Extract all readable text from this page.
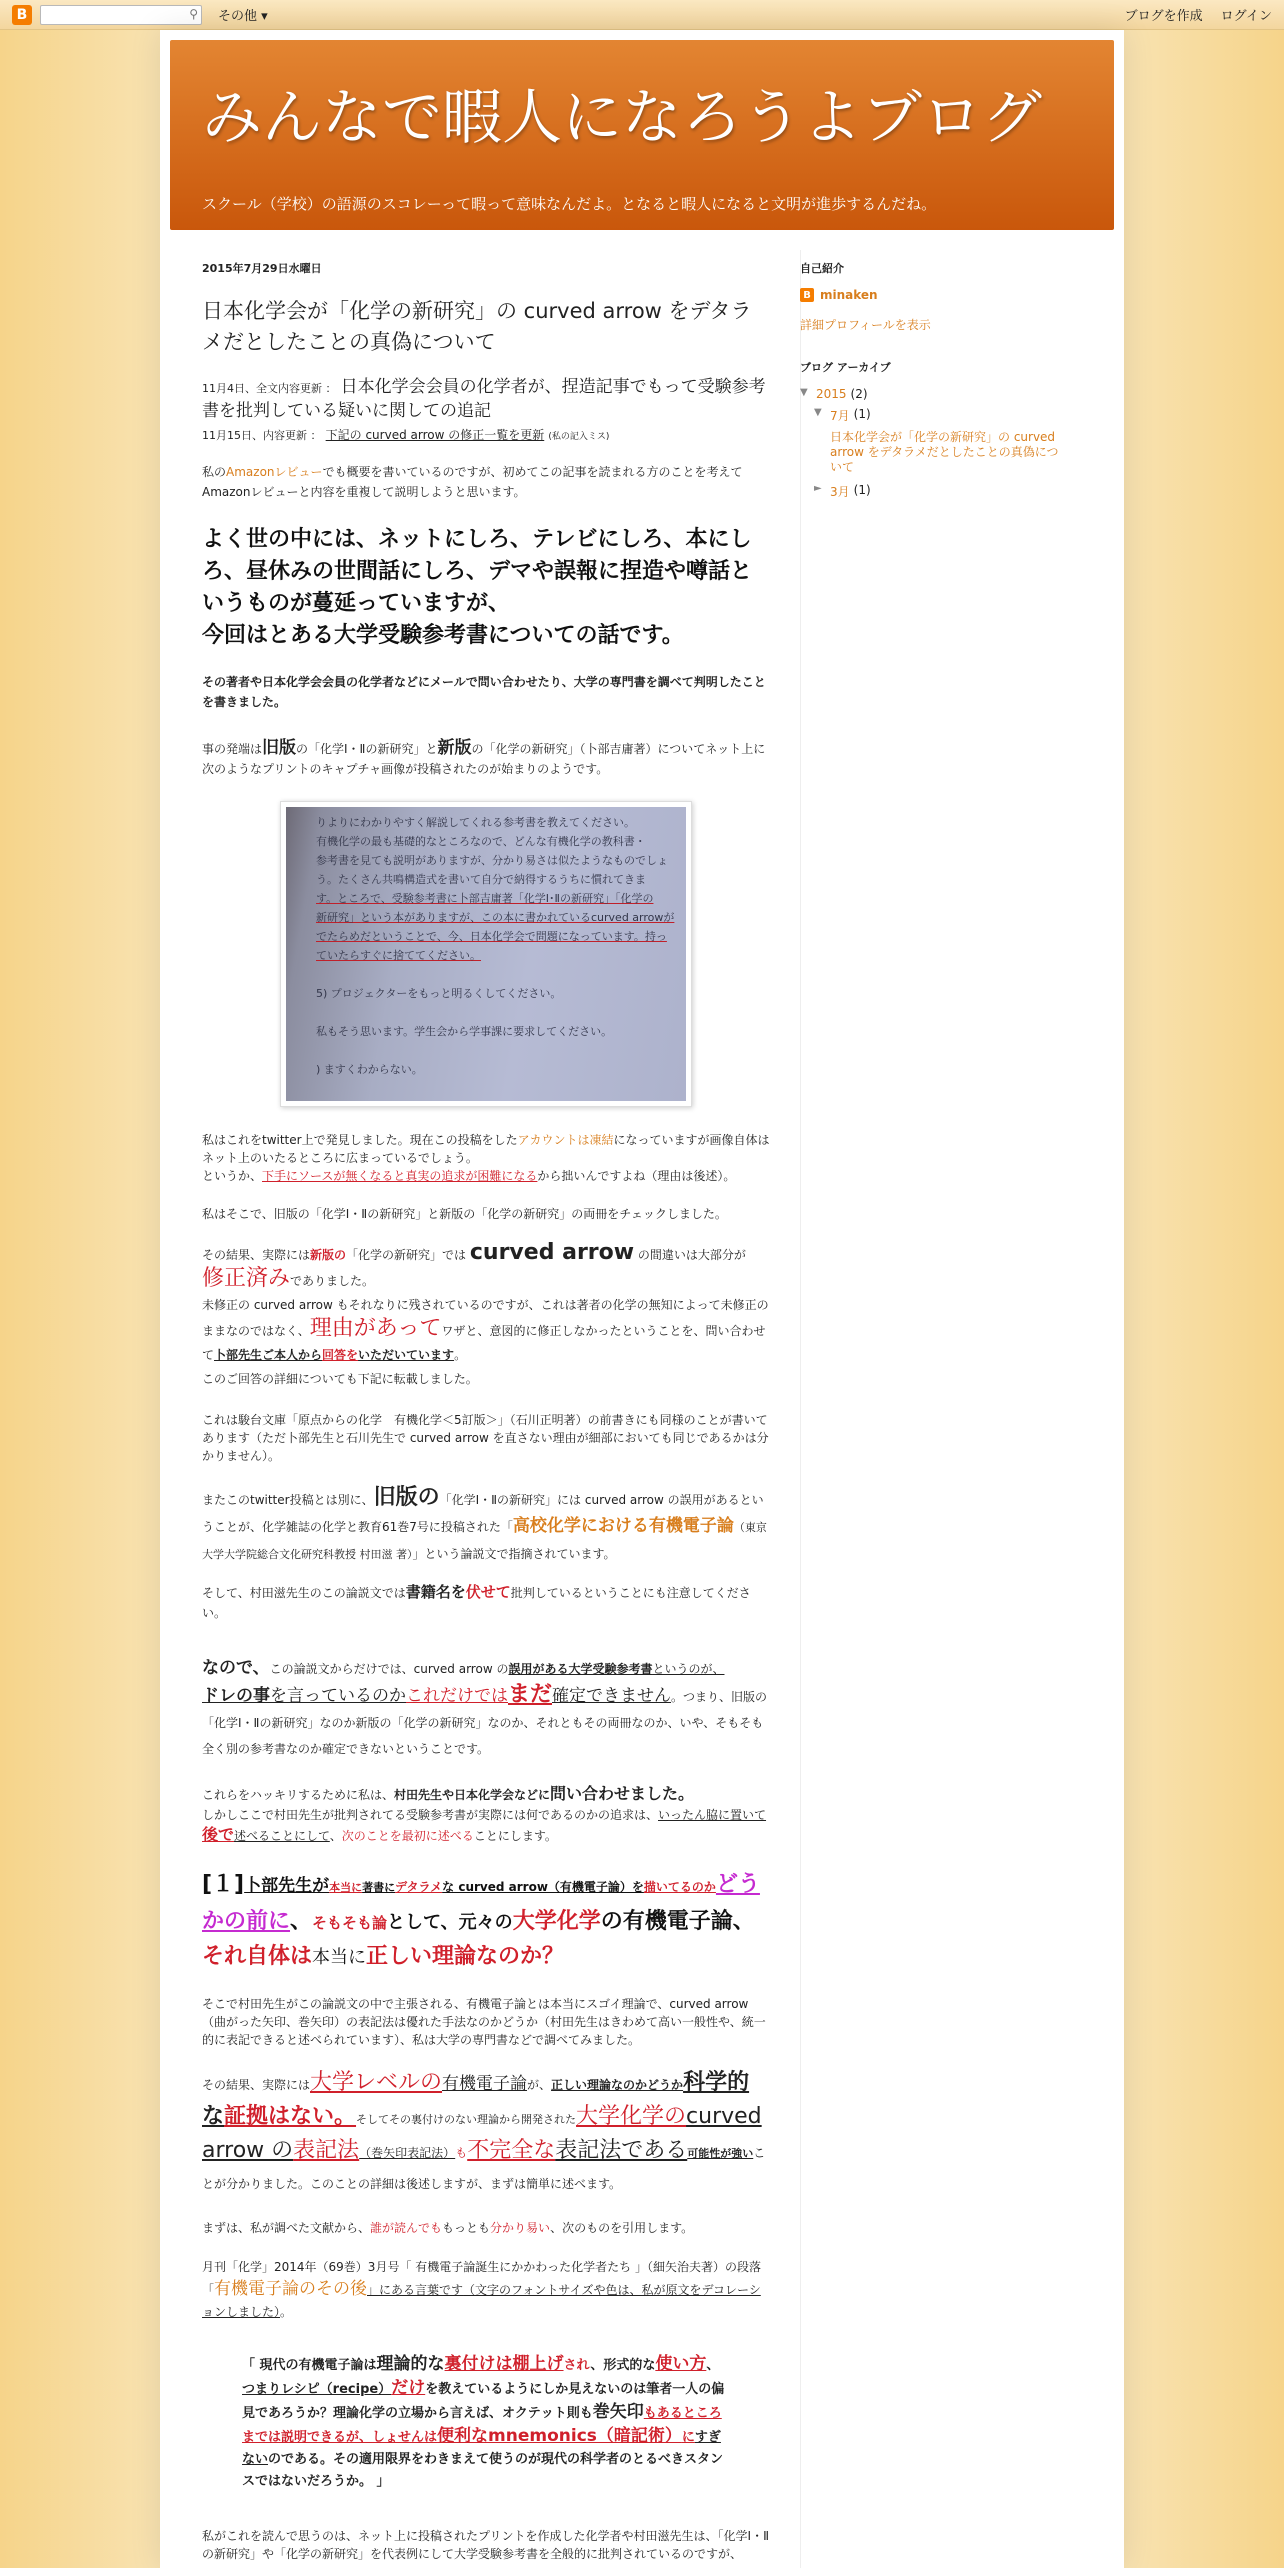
B	⚲ その他 ▾	ブログを作成 ログイン
みんなで暇人になろうよブログ
スクール（学校）の語源のスコレーって暇って意味なんだよ。となると暇人になると文明が進歩するんだね。
2015年7月29日水曜日
日本化学会が「化学の新研究」の curved arrow をデタラメだとしたことの真偽について
11月4日、全文内容更新 ： 日本化学会会員の化学者が、捏造記事でもって受験参考書を批判している疑いに関しての追記
11月15日、内容更新 ： 下記の curved arrow の修正一覧を更新 (私の記入ミス)
私のAmazonレビューでも概要を書いているのですが、初めてこの記事を読まれる方のことを考えてAmazonレビューと内容を重複して説明しようと思います。
よく世の中には、ネットにしろ、テレビにしろ、本にしろ、昼休みの世間話にしろ、デマや誤報に捏造や噂話というものが蔓延っていますが、
今回はとある大学受験参考書についての話です。
その著者や日本化学会会員の化学者などにメールで問い合わせたり、大学の専門書を調べて判明したことを書きました。
事の発端は旧版の「化学Ⅰ・Ⅱの新研究」と新版の「化学の新研究」（卜部吉庸著）についてネット上に次のようなプリントのキャプチャ画像が投稿されたのが始まりのようです。
りよりにわかりやすく解説してくれる参考書を教えてください。
有機化学の最も基礎的なところなので、どんな有機化学の教科書・
参考書を見ても説明がありますが、分かり易さは似たようなものでしょ
う。たくさん共鳴構造式を書いて自分で納得するうちに慣れてきま
す。ところで、受験参考書に卜部吉庸著「化学Ⅰ･Ⅱの新研究」「化学の
新研究」という本がありますが、この本に書かれているcurved arrowが
でたらめだということで、今、日本化学会で問題になっています。持っ
ていたらすぐに捨ててください。

5) プロジェクターをもっと明るくしてください。

私もそう思います。学生会から学事課に要求してください。

) ますくわからない。
私はこれをtwitter上で発見しました。現在この投稿をしたアカウントは凍結になっていますが画像自体はネット上のいたるところに広まっているでしょう。
というか、下手にソースが無くなると真実の追求が困難になるから拙いんですよね（理由は後述）。
私はそこで、旧版の「化学Ⅰ・Ⅱの新研究」と新版の「化学の新研究」の両冊をチェックしました。
その結果、実際には新版の「化学の新研究」では curved arrow の間違いは大部分が
修正済みでありました。
未修正の curved arrow もそれなりに残されているのですが、これは著者の化学の無知によって未修正のままなのではなく、理由があってワザと、意図的に修正しなかったということを、問い合わせて卜部先生ご本人から回答をいただいています。
このご回答の詳細についても下記に転載しました。
これは駿台文庫「原点からの化学　有機化学＜5訂版＞」（石川正明著）の前書きにも同様のことが書いてあります（ただ卜部先生と石川先生で curved arrow を直さない理由が細部においても同じであるかは分かりません）。
またこのtwitter投稿とは別に、旧版の「化学Ⅰ・Ⅱの新研究」には curved arrow の誤用があるということが、化学雑誌の化学と教育61巻7号に投稿された「高校化学における有機電子論（東京大学大学院総合文化研究科教授 村田滋 著）」という論説文で指摘されています。
そして、村田滋先生のこの論説文では書籍名を伏せて批判しているということにも注意してください。
なので、この論説文からだけでは、curved arrow の誤用がある大学受験参考書というのが、
ドレの事を言っているのかこれだけではまだ確定できません。つまり、旧版の「化学Ⅰ・Ⅱの新研究」なのか新版の「化学の新研究」なのか、それともその両冊なのか、いや、そもそも全く別の参考書なのか確定できないということです。
これらをハッキリするために私は、村田先生や日本化学会などに問い合わせました。
しかしここで村田先生が批判されてる受験参考書が実際には何であるのかの追求は、いったん脇に置いて後で述べることにして、次のことを最初に述べることにします。
[１]卜部先生が本当に著書にデタラメな curved arrow（有機電子論）を描いてるのかどうかの前に、そもそも論として、元々の大学化学の有機電子論、それ自体は本当に正しい理論なのか？
そこで村田先生がこの論説文の中で主張される、有機電子論とは本当にスゴイ理論で、curved arrow（曲がった矢印、巻矢印）の表記法は優れた手法なのかどうか（村田先生はきわめて高い一般性や、統一的に表記できると述べられています）、私は大学の専門書などで調べてみました。
その結果、実際には大学レベルの有機電子論が、正しい理論なのかどうか科学的な証拠はない。そしてその裏付けのない理論から開発された大学化学のcurved arrow の表記法（巻矢印表記法）も不完全な表記法である可能性が強いことが分かりました。このことの詳細は後述しますが、まずは簡単に述べます。
まずは、私が調べた文献から、誰が読んでももっとも分かり易い、次のものを引用します。
月刊「化学」2014年（69巻）3月号「 有機電子論誕生にかかわった化学者たち 」（細矢治夫著）の段落「有機電子論のその後」にある言葉です（文字のフォントサイズや色は、私が原文をデコレーションしました）。
「 現代の有機電子論は理論的な裏付けは棚上げされ、形式的な使い方、つまりレシピ（recipe）だけを教えているようにしか見えないのは筆者一人の偏見であろうか？理論化学の立場から言えば、オクテット則も巻矢印もあるところまでは説明できるが、しょせんは便利なmnemonics（暗記術）にすぎないのである。その適用限界をわきまえて使うのが現代の科学者のとるべきスタンスではないだろうか。 」
私がこれを読んで思うのは、ネット上に投稿されたプリントを作成した化学者や村田滋先生は、「化学Ⅰ・Ⅱの新研究」や「化学の新研究」を代表例にして大学受験参考書を全般的に批判されているのですが、
自己紹介
B minaken
詳細プロフィールを表示
ブログ アーカイブ
▼ 2015 (2)
▼ 7月 (1)
日本化学会が「化学の新研究」の curved arrow をデタラメだとしたことの真偽について
► 3月 (1)
